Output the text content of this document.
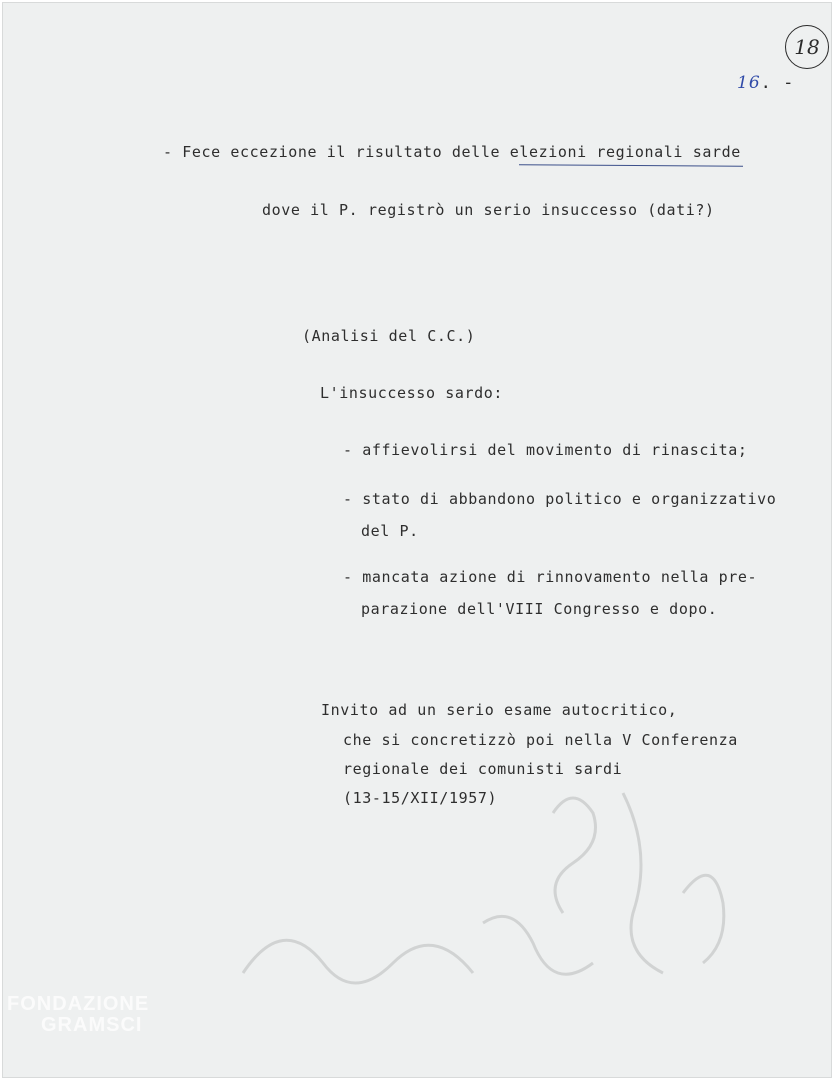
18
16. -
- Fece eccezione il risultato delle elezioni regionali sarde
dove il P. registrò un serio insuccesso (dati?)
(Analisi del C.C.)
L'insuccesso sardo:
- affievolirsi del movimento di rinascita;
- stato di abbandono politico e organizzativo
del P.
- mancata azione di rinnovamento nella pre-
parazione dell'VIII Congresso e dopo.
Invito ad un serio esame autocritico,
che si concretizzò poi nella V Conferenza
regionale dei comunisti sardi
(13-15/XII/1957)
FONDAZIONE
GRAMSCI
